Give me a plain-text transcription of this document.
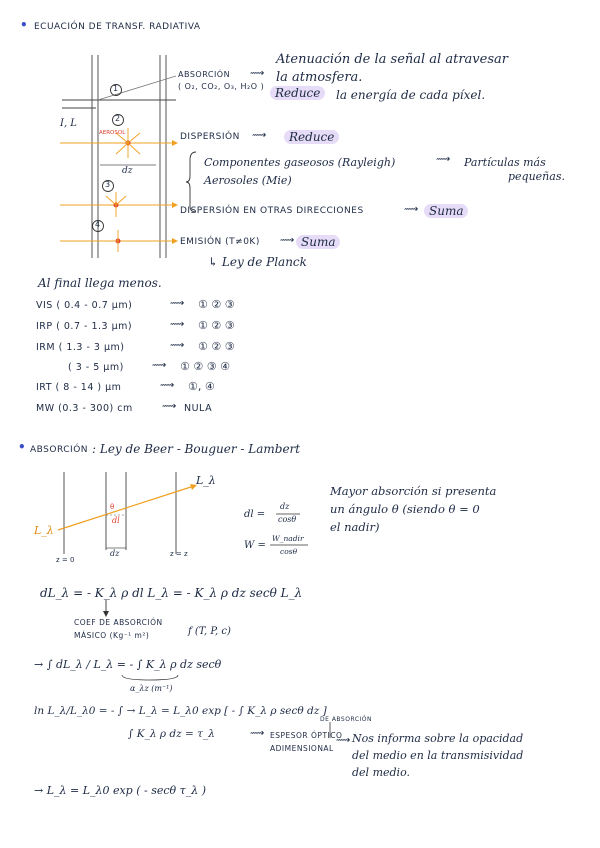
• ECUACIÓN DE TRANSF. RADIATIVA
1
2
3
4
I, L
AEROSOL
dz
ABSORCIÓN ⟿
( O₂, CO₂, O₃, H₂O )
Atenuación de la señal al atravesar
la atmosfera.
Reduce	la energía de cada píxel.
DISPERSIÓN ⟿	Reduce
Componentes gaseosos (Rayleigh)	⟿ Partículas más
pequeñas.
Aerosoles (Mie)
DISPERSIÓN EN OTRAS DIRECCIONES	⟿ Suma
EMISIÓN (T≠0K) ⟿ Suma
↳ Ley de Planck
Al final llega menos.
VIS ( 0.4 - 0.7 μm)	⟿ ① ② ③
IRP ( 0.7 - 1.3 μm)	⟿ ① ② ③
IRM ( 1.3 - 3 μm)	⟿ ① ② ③
( 3 - 5 μm)	⟿ ① ② ③ ④
IRT ( 8 - 14 ) μm	⟿ ①, ④
MW (0.3 - 300) cm	⟿ NULA
• ABSORCIÓN : Ley de Beer - Bouguer - Lambert
L_λ
L_λ
θ
dl
dz
z = 0
z = z
dl =
dz
cosθ
W =
W_nadir
cosθ
Mayor absorción si presenta
un ángulo θ (siendo θ = 0
el nadir)
dL_λ = - K_λ ρ dl L_λ = - K_λ ρ dz secθ L_λ
COEF DE ABSORCIÓN
MÁSICO (Kg⁻¹ m²)	f (T, P, c)
→ ∫ dL_λ / L_λ = - ∫ K_λ ρ dz secθ
α_λz (m⁻¹)
ln L_λ/L_λ0 = - ∫ → L_λ = L_λ0 exp [ - ∫ K_λ ρ secθ dz ]
DE ABSORCIÓN
∫ K_λ ρ dz = τ_λ	⟿ ESPESOR ÓPTICO
ADIMENSIONAL
⟿ Nos informa sobre la opacidad
del medio en la transmisividad
del medio.
→ L_λ = L_λ0 exp ( - secθ τ_λ )
